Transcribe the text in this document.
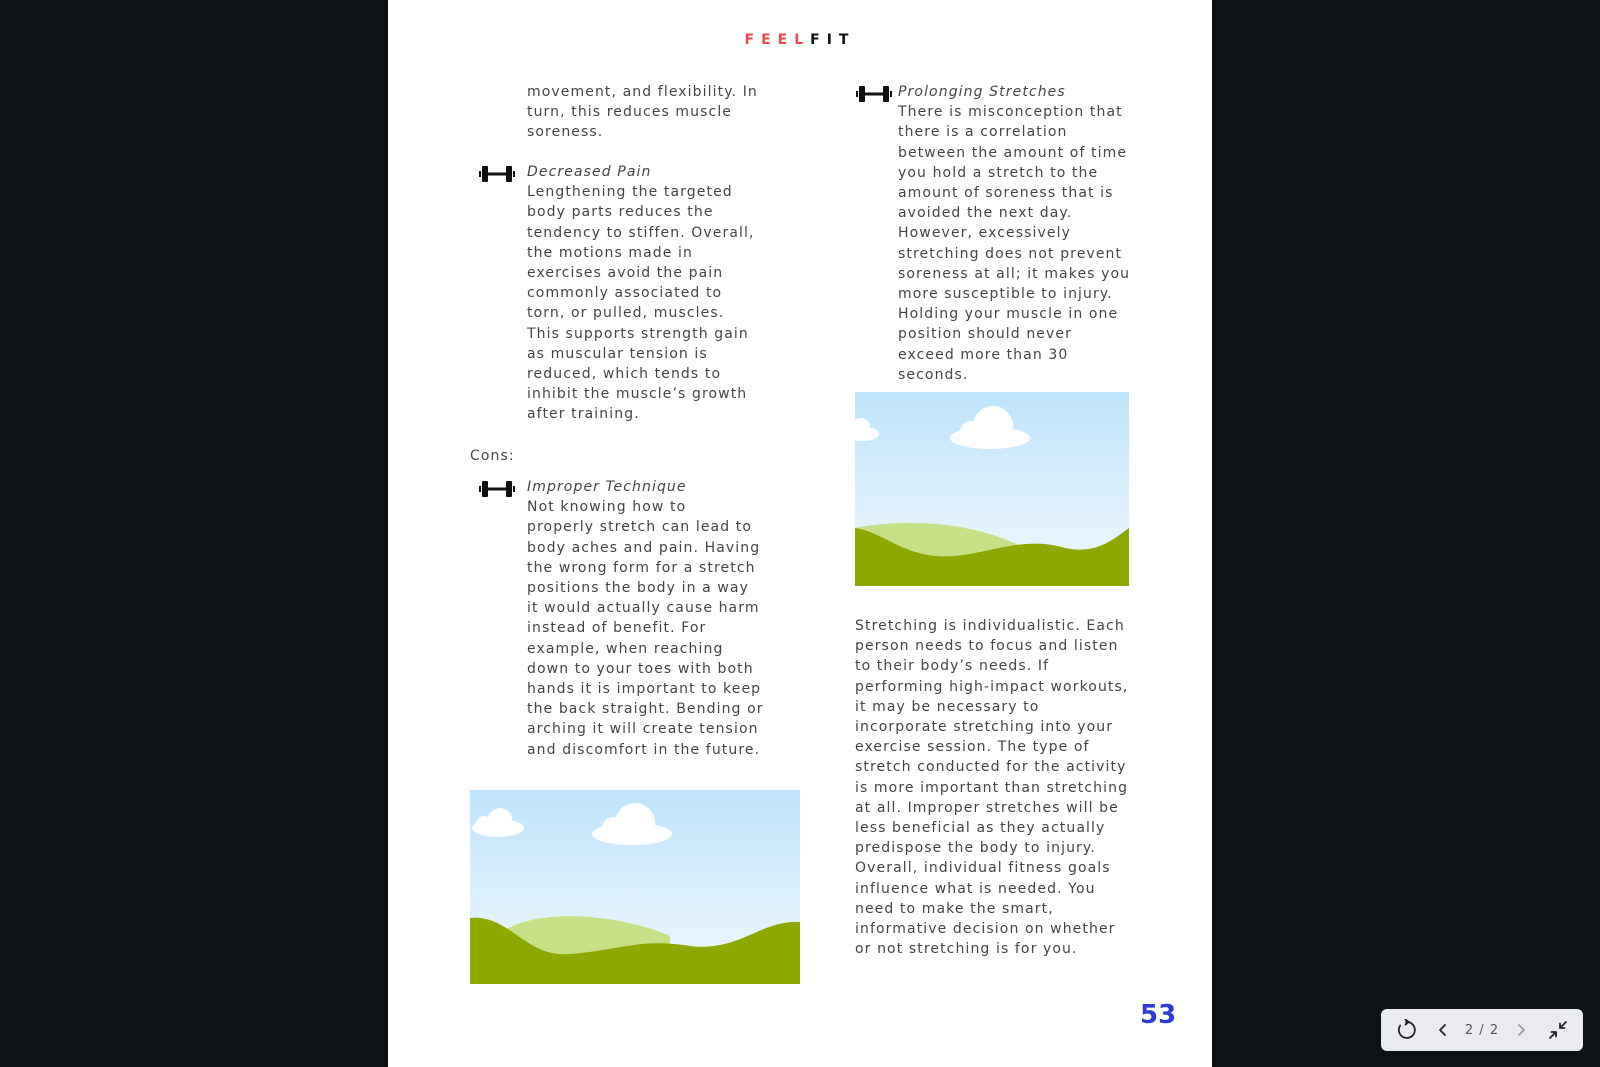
FEELFIT
movement, and flexibility. In
turn, this reduces muscle
soreness.
Decreased Pain
Lengthening the targeted
body parts reduces the
tendency to stiffen. Overall,
the motions made in
exercises avoid the pain
commonly associated to
torn, or pulled, muscles.
This supports strength gain
as muscular tension is
reduced, which tends to
inhibit the muscle’s growth
after training.
Cons:
Improper Technique
Not knowing how to
properly stretch can lead to
body aches and pain. Having
the wrong form for a stretch
positions the body in a way
it would actually cause harm
instead of benefit. For
example, when reaching
down to your toes with both
hands it is important to keep
the back straight. Bending or
arching it will create tension
and discomfort in the future.
Prolonging Stretches
There is misconception that
there is a correlation
between the amount of time
you hold a stretch to the
amount of soreness that is
avoided the next day.
However, excessively
stretching does not prevent
soreness at all; it makes you
more susceptible to injury.
Holding your muscle in one
position should never
exceed more than 30
seconds.
Stretching is individualistic. Each
person needs to focus and listen
to their body’s needs. If
performing high-impact workouts,
it may be necessary to
incorporate stretching into your
exercise session. The type of
stretch conducted for the activity
is more important than stretching
at all. Improper stretches will be
less beneficial as they actually
predispose the body to injury.
Overall, individual fitness goals
influence what is needed. You
need to make the smart,
informative decision on whether
or not stretching is for you.
53	2 / 2
